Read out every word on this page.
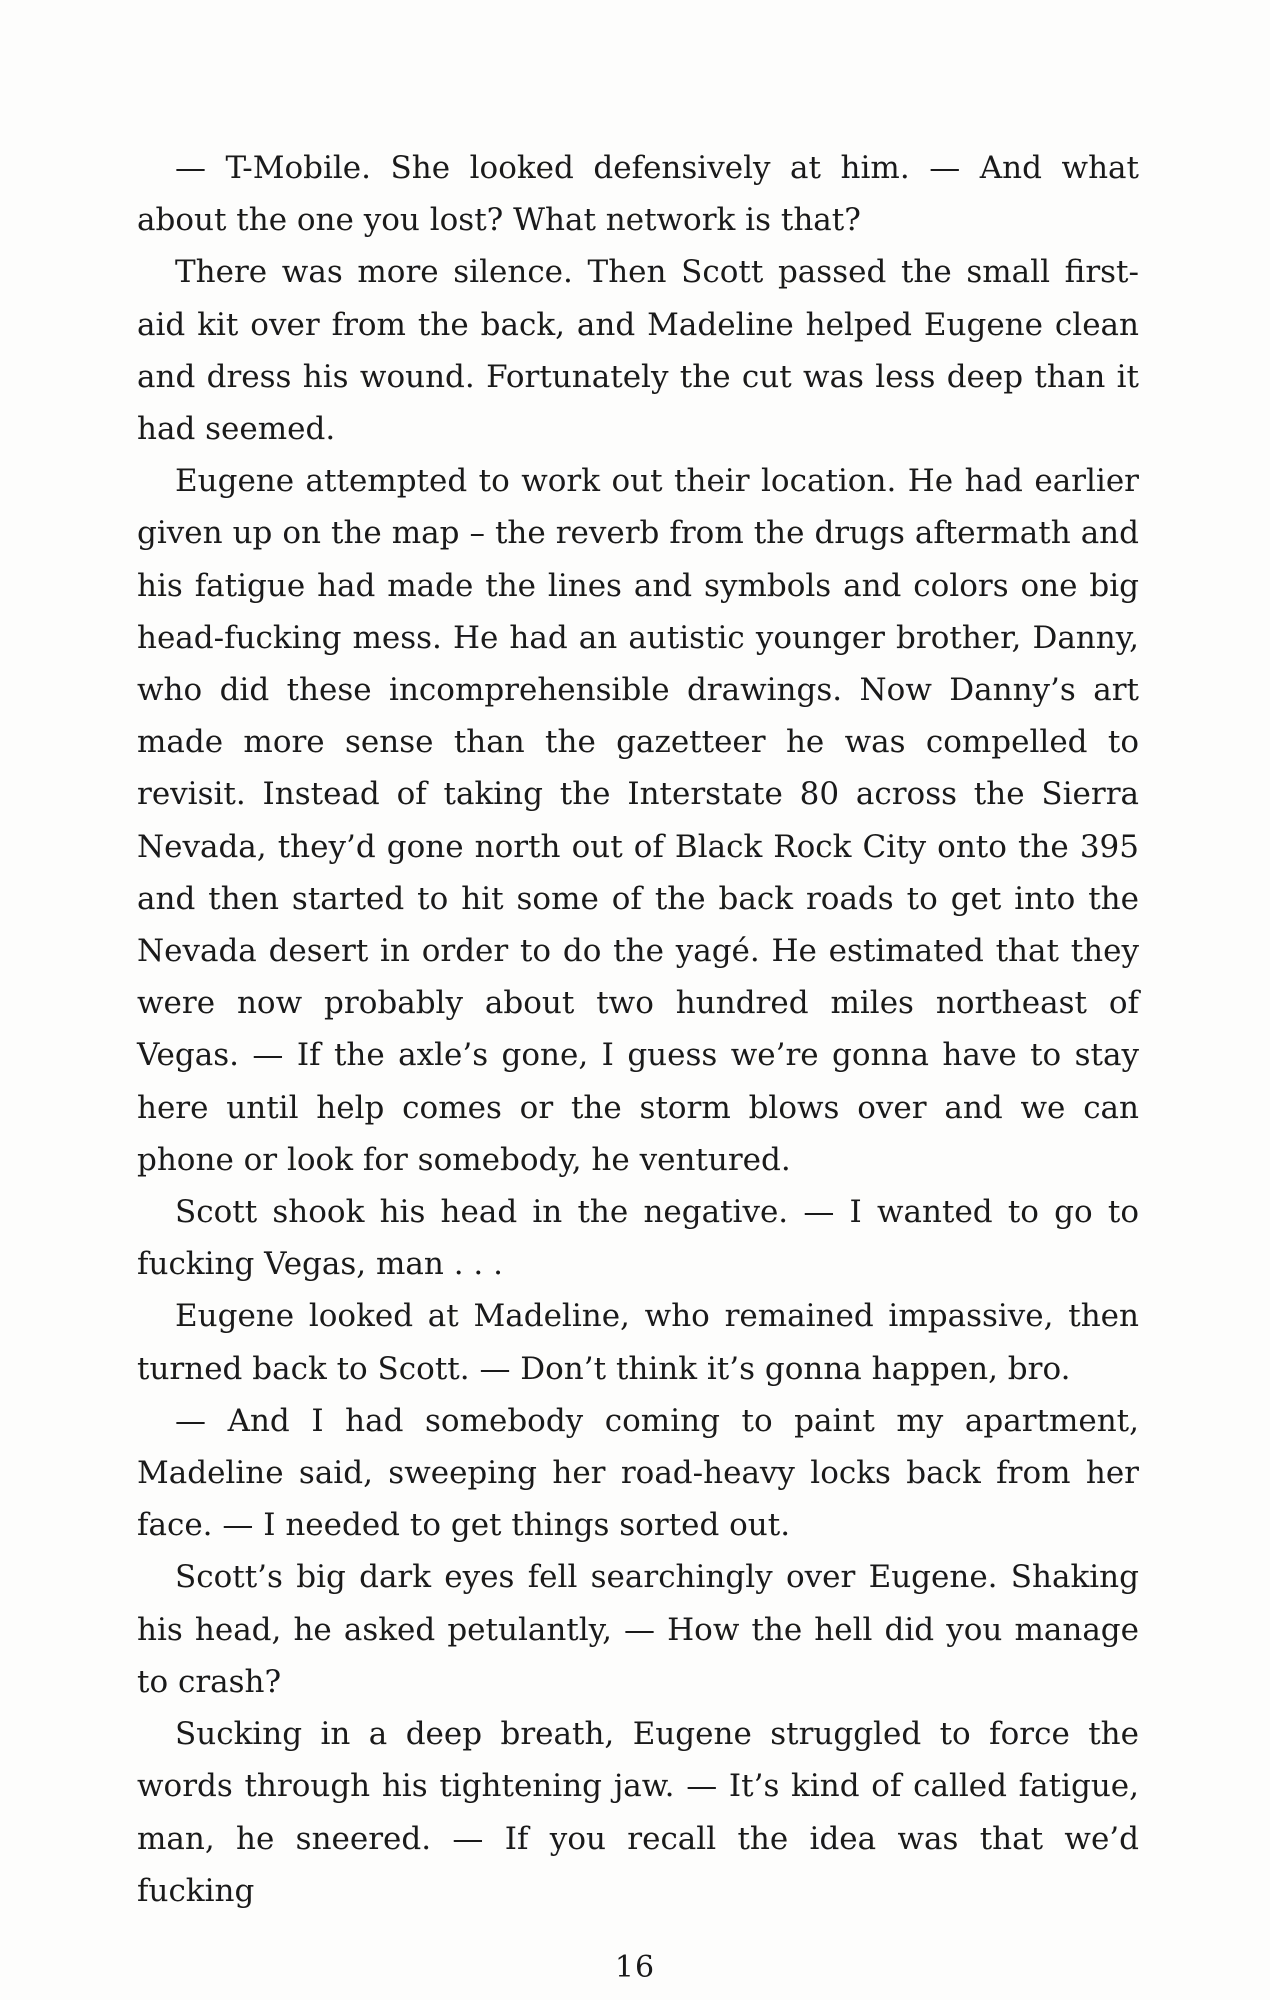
— T-Mobile. She looked defensively at him. — And what about the one you lost? What network is that?

There was more silence. Then Scott passed the small first-aid kit over from the back, and Madeline helped Eugene clean and dress his wound. Fortunately the cut was less deep than it had seemed.

Eugene attempted to work out their location. He had earlier given up on the map – the reverb from the drugs aftermath and his fatigue had made the lines and symbols and colors one big head-fucking mess. He had an autistic younger brother, Danny, who did these incomprehensible drawings. Now Danny’s art made more sense than the gazetteer he was compelled to revisit. Instead of taking the Interstate 80 across the Sierra Nevada, they’d gone north out of Black Rock City onto the 395 and then started to hit some of the back roads to get into the Nevada desert in order to do the yagé. He estimated that they were now probably about two hundred miles northeast of Vegas. — If the axle’s gone, I guess we’re gonna have to stay here until help comes or the storm blows over and we can phone or look for somebody, he ventured.

Scott shook his head in the negative. — I wanted to go to fucking Vegas, man . . .

Eugene looked at Madeline, who remained impassive, then turned back to Scott. — Don’t think it’s gonna happen, bro.

— And I had somebody coming to paint my apartment, Madeline said, sweeping her road-heavy locks back from her face. — I needed to get things sorted out.

Scott’s big dark eyes fell searchingly over Eugene. Shaking his head, he asked petulantly, — How the hell did you manage to crash?

Sucking in a deep breath, Eugene struggled to force the words through his tightening jaw. — It’s kind of called fatigue, man, he sneered. — If you recall the idea was that we’d fucking

16
